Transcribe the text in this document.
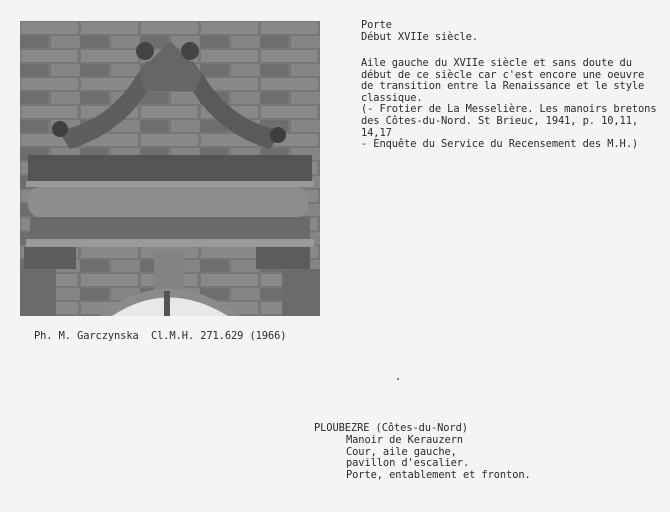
Porte
Début XVIIe siècle.
Aile gauche du XVIIe siècle et sans doute du
début de ce siècle car c'est encore une oeuvre
de transition entre la Renaissance et le style
classique.
(- Frotier de La Messelière. Les manoirs bretons
des Côtes-du-Nord. St Brieuc, 1941, p. 10,11,
14,17
- Enquête du Service du Recensement des M.H.)
Ph. M. Garczynska  Cl.M.H. 271.629 (1966)
PLOUBEZRE (Côtes-du-Nord)
Manoir de Kerauzern
Cour, aile gauche,
pavillon d'escalier.
Porte, entablement et fronton.
